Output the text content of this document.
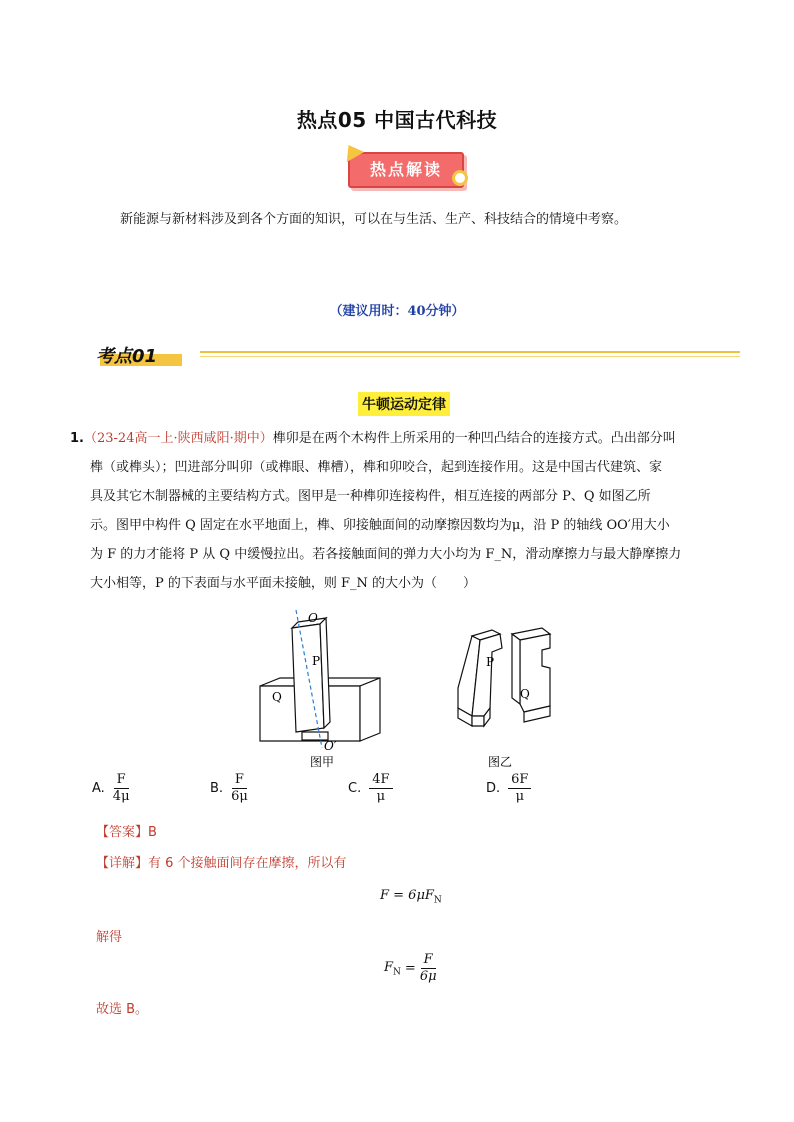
热点05 中国古代科技
热点解读
新能源与新材料涉及到各个方面的知识，可以在与生活、生产、科技结合的情境中考察。
（建议用时：40分钟）
考点01
牛顿运动定律

1.（23-24高一上·陕西咸阳·期中）榫卯是在两个木构件上所采用的一种凹凸结合的连接方式。凸出部分叫

榫（或榫头）；凹进部分叫卯（或榫眼、榫槽），榫和卯咬合，起到连接作用。这是中国古代建筑、家

具及其它木制器械的主要结构方式。图甲是一种榫卯连接构件，相互连接的两部分 P、Q 如图乙所

示。图甲中构件 Q 固定在水平地面上，榫、卯接触面间的动摩擦因数均为μ，沿 P 的轴线 OO′用大小

为 F 的力才能将 P 从 Q 中缓慢拉出。若各接触面间的弹力大小均为 F_N，滑动摩擦力与最大静摩擦力

大小相等，P 的下表面与水平面未接触，则 F_N 的大小为（　　）

O
P
Q
O′
图甲
P
Q
图乙
A. $\frac{F}{4\mu}$	B. $\frac{F}{6\mu}$	C. $\frac{4F}{\mu}$	D. $\frac{6F}{\mu}$
【答案】B
【详解】有 6 个接触面间存在摩擦，所以有
$F = 6\mu F_N$
解得
$F_N = \frac{F}{6\mu}$
故选 B。
